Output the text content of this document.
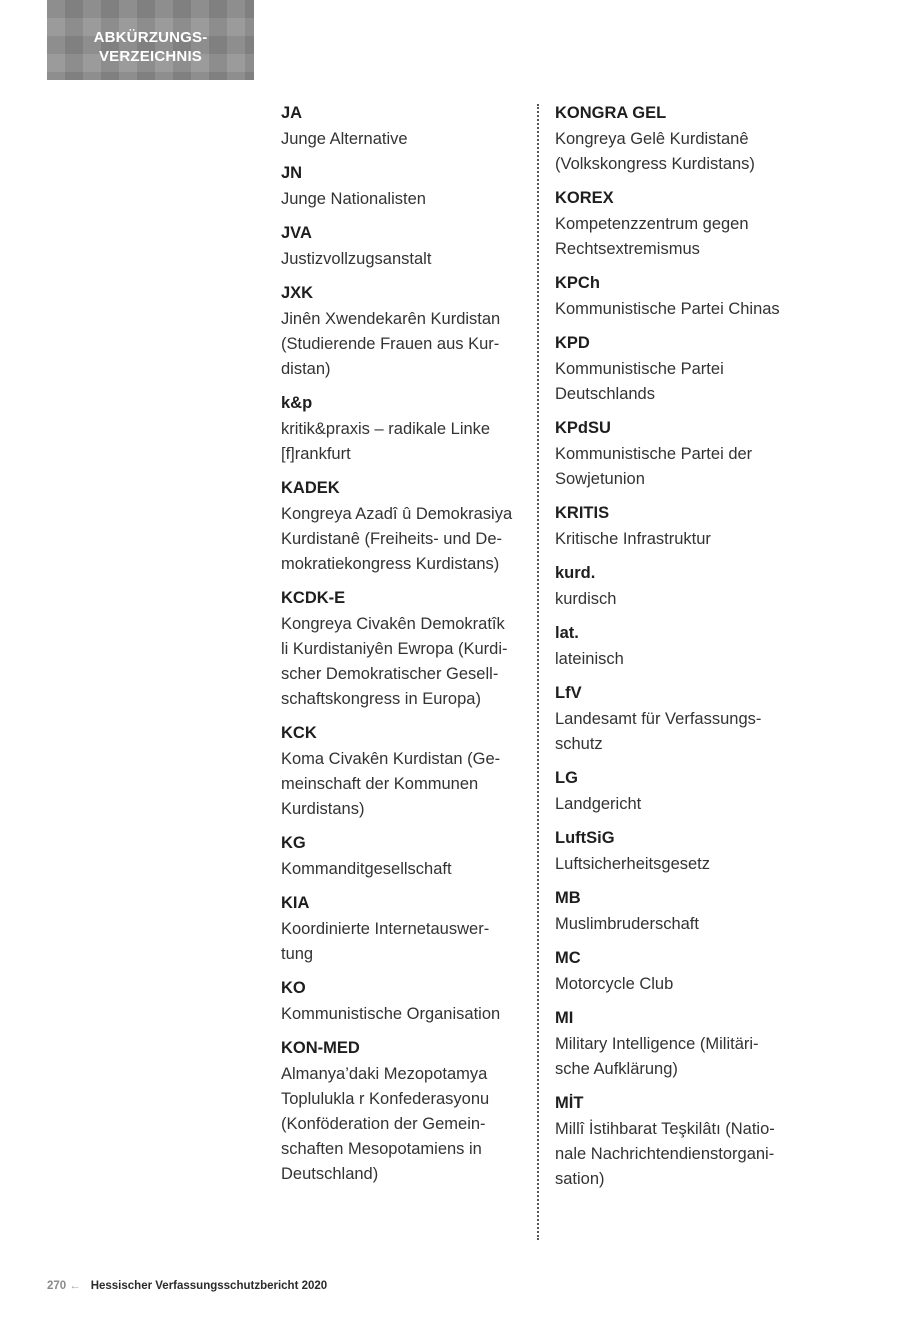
ABKÜRZUNGS-
VERZEICHNIS
JA
Junge Alternative
JN
Junge Nationalisten
JVA
Justizvollzugsanstalt
JXK
Jinên Xwendekarên Kurdistan
(Studierende Frauen aus Kur-
distan)
k&p
kritik&praxis – radikale Linke
[f]rankfurt
KADEK
Kongreya Azadî û Demokrasiya
Kurdistanê (Freiheits- und De-
mokratiekongress Kurdistans)
KCDK-E
Kongreya Civakên Demokratîk
li Kurdistaniyên Ewropa (Kurdi-
scher Demokratischer Gesell-
schaftskongress in Europa)
KCK
Koma Civakên Kurdistan (Ge-
meinschaft der Kommunen
Kurdistans)
KG
Kommanditgesellschaft
KIA
Koordinierte Internetauswer-
tung
KO
Kommunistische Organisation
KON-MED
Almanya’daki Mezopotamya
Toplulukla r Konfederasyonu
(Konföderation der Gemein-
schaften Mesopotamiens in
Deutschland)
KONGRA GEL
Kongreya Gelê Kurdistanê
(Volkskongress Kurdistans)
KOREX
Kompetenzzentrum gegen
Rechtsextremismus
KPCh
Kommunistische Partei Chinas
KPD
Kommunistische Partei
Deutschlands
KPdSU
Kommunistische Partei der
Sowjetunion
KRITIS
Kritische Infrastruktur
kurd.
kurdisch
lat.
lateinisch
LfV
Landesamt für Verfassungs-
schutz
LG
Landgericht
LuftSiG
Luftsicherheitsgesetz
MB
Muslimbruderschaft
MC
Motorcycle Club
MI
Military Intelligence (Militäri-
sche Aufklärung)
MİT
Millî İstihbarat Teşkilâtı (Natio-
nale Nachrichtendienstorgani-
sation)
270 ← Hessischer Verfassungsschutzbericht 2020
